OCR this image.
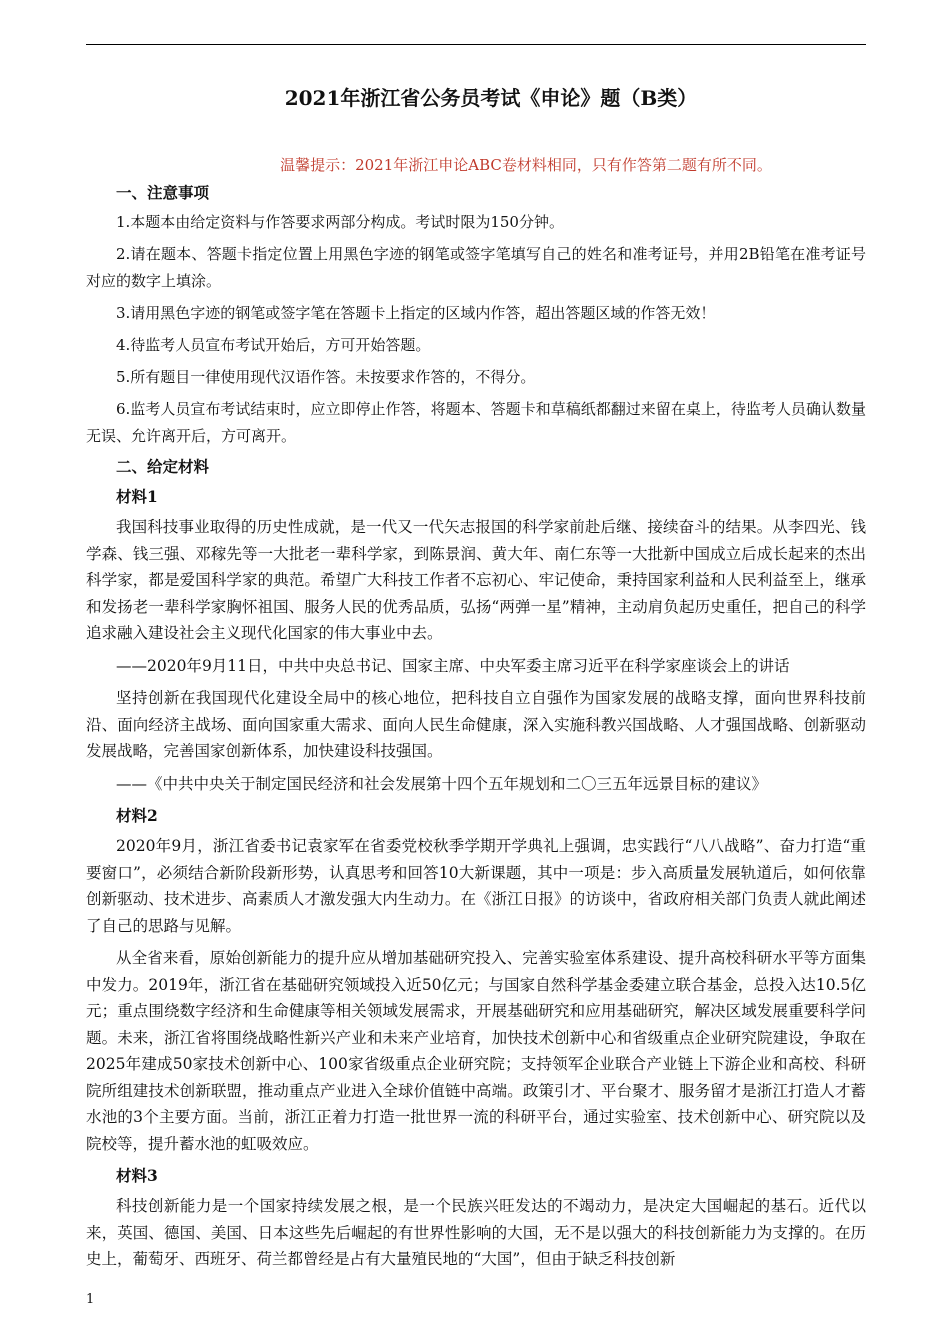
2021年浙江省公务员考试《申论》题（B类）

温馨提示：2021年浙江申论ABC卷材料相同，只有作答第二题有所不同。

一、注意事项

1.本题本由给定资料与作答要求两部分构成。考试时限为150分钟。

2.请在题本、答题卡指定位置上用黑色字迹的钢笔或签字笔填写自己的姓名和准考证号，并用2B铅笔在准考证号对应的数字上填涂。

3.请用黑色字迹的钢笔或签字笔在答题卡上指定的区域内作答，超出答题区域的作答无效！

4.待监考人员宣布考试开始后，方可开始答题。

5.所有题目一律使用现代汉语作答。未按要求作答的，不得分。

6.监考人员宣布考试结束时，应立即停止作答，将题本、答题卡和草稿纸都翻过来留在桌上，待监考人员确认数量无误、允许离开后，方可离开。

二、给定材料

材料1

我国科技事业取得的历史性成就，是一代又一代矢志报国的科学家前赴后继、接续奋斗的结果。从李四光、钱学森、钱三强、邓稼先等一大批老一辈科学家，到陈景润、黄大年、南仁东等一大批新中国成立后成长起来的杰出科学家，都是爱国科学家的典范。希望广大科技工作者不忘初心、牢记使命，秉持国家利益和人民利益至上，继承和发扬老一辈科学家胸怀祖国、服务人民的优秀品质，弘扬“两弹一星”精神，主动肩负起历史重任，把自己的科学追求融入建设社会主义现代化国家的伟大事业中去。

——2020年9月11日，中共中央总书记、国家主席、中央军委主席习近平在科学家座谈会上的讲话

坚持创新在我国现代化建设全局中的核心地位，把科技自立自强作为国家发展的战略支撑，面向世界科技前沿、面向经济主战场、面向国家重大需求、面向人民生命健康，深入实施科教兴国战略、人才强国战略、创新驱动发展战略，完善国家创新体系，加快建设科技强国。

——《中共中央关于制定国民经济和社会发展第十四个五年规划和二〇三五年远景目标的建议》

材料2

2020年9月，浙江省委书记袁家军在省委党校秋季学期开学典礼上强调，忠实践行“八八战略”、奋力打造“重要窗口”，必须结合新阶段新形势，认真思考和回答10大新课题，其中一项是：步入高质量发展轨道后，如何依靠创新驱动、技术进步、高素质人才激发强大内生动力。在《浙江日报》的访谈中，省政府相关部门负责人就此阐述了自己的思路与见解。

从全省来看，原始创新能力的提升应从增加基础研究投入、完善实验室体系建设、提升高校科研水平等方面集中发力。2019年，浙江省在基础研究领域投入近50亿元；与国家自然科学基金委建立联合基金，总投入达10.5亿元；重点围绕数字经济和生命健康等相关领域发展需求，开展基础研究和应用基础研究，解决区域发展重要科学问题。未来，浙江省将围绕战略性新兴产业和未来产业培育，加快技术创新中心和省级重点企业研究院建设，争取在2025年建成50家技术创新中心、100家省级重点企业研究院；支持领军企业联合产业链上下游企业和高校、科研院所组建技术创新联盟，推动重点产业进入全球价值链中高端。政策引才、平台聚才、服务留才是浙江打造人才蓄水池的3个主要方面。当前，浙江正着力打造一批世界一流的科研平台，通过实验室、技术创新中心、研究院以及院校等，提升蓄水池的虹吸效应。

材料3

科技创新能力是一个国家持续发展之根，是一个民族兴旺发达的不竭动力，是决定大国崛起的基石。近代以来，英国、德国、美国、日本这些先后崛起的有世界性影响的大国，无不是以强大的科技创新能力为支撑的。在历史上，葡萄牙、西班牙、荷兰都曾经是占有大量殖民地的“大国”，但由于缺乏科技创新

1
